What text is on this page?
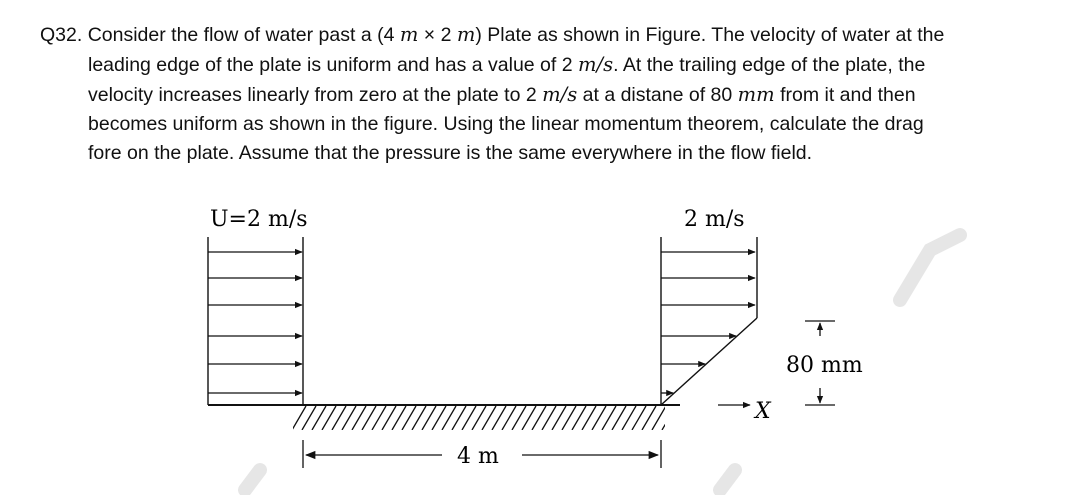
Q32. Consider the flow of water past a (4 m × 2 m) Plate as shown in Figure. The velocity of water at the
leading edge of the plate is uniform and has a value of 2 m/s. At the trailing edge of the plate, the
velocity increases linearly from zero at the plate to 2 m/s at a distane of 80 mm from it and then
becomes uniform as shown in the figure. Using the linear momentum theorem, calculate the drag
fore on the plate. Assume that the pressure is the same everywhere in the flow field.
U=2 m/s	2 m/s
X
80 mm
4 m
